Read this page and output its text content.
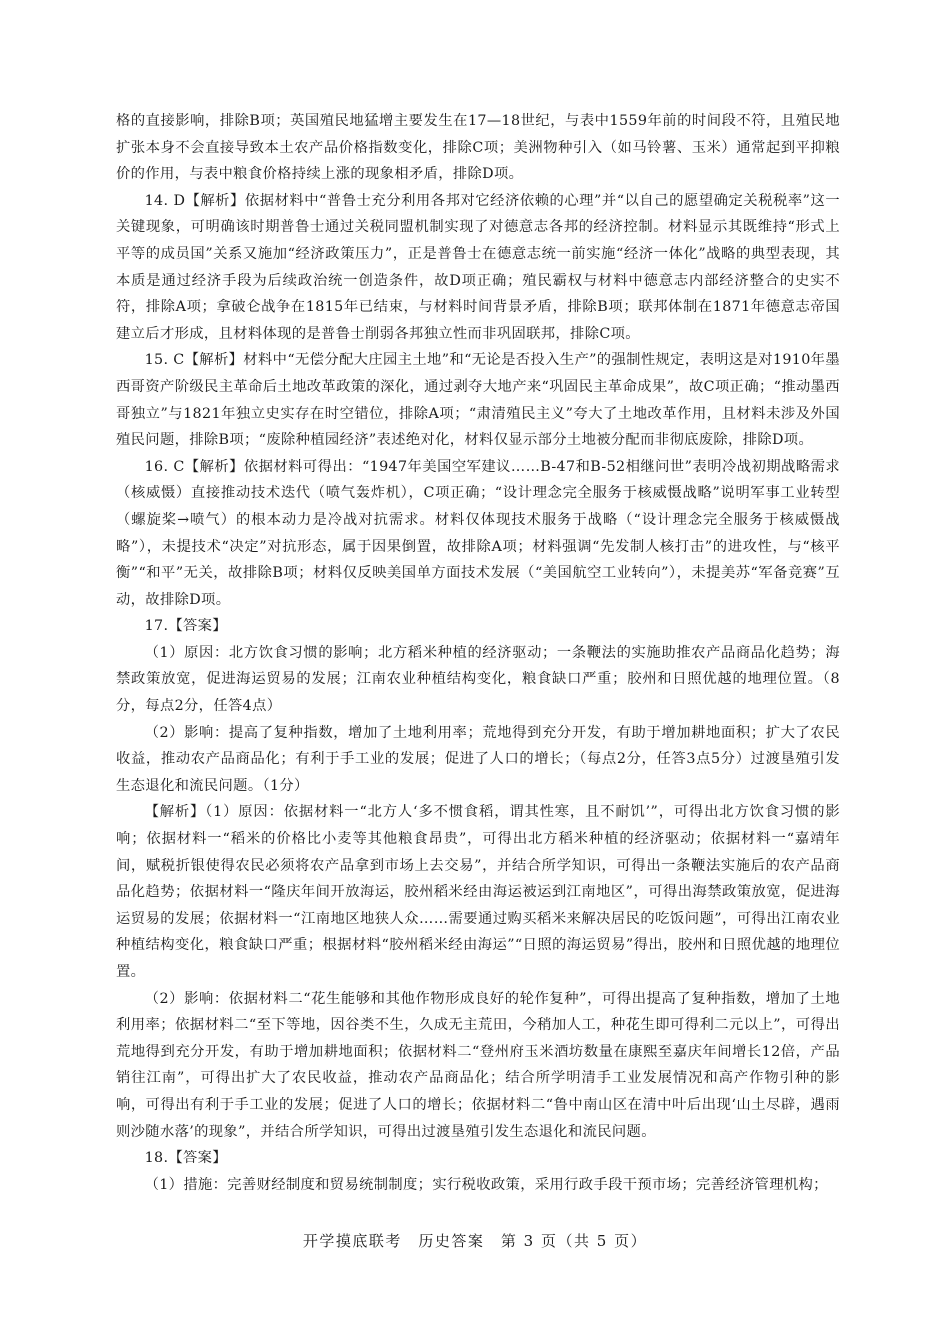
格的直接影响，排除B项；英国殖民地猛增主要发生在17—18世纪，与表中1559年前的时间段不符，且殖民地扩张本身不会直接导致本土农产品价格指数变化，排除C项；美洲物种引入（如马铃薯、玉米）通常起到平抑粮价的作用，与表中粮食价格持续上涨的现象相矛盾，排除D项。

14. D【解析】依据材料中“普鲁士充分利用各邦对它经济依赖的心理”并“以自己的愿望确定关税税率”这一关键现象，可明确该时期普鲁士通过关税同盟机制实现了对德意志各邦的经济控制。材料显示其既维持“形式上平等的成员国”关系又施加“经济政策压力”，正是普鲁士在德意志统一前实施“经济一体化”战略的典型表现，其本质是通过经济手段为后续政治统一创造条件，故D项正确；殖民霸权与材料中德意志内部经济整合的史实不符，排除A项；拿破仑战争在1815年已结束，与材料时间背景矛盾，排除B项；联邦体制在1871年德意志帝国建立后才形成，且材料体现的是普鲁士削弱各邦独立性而非巩固联邦，排除C项。

15. C【解析】材料中“无偿分配大庄园主土地”和“无论是否投入生产”的强制性规定，表明这是对1910年墨西哥资产阶级民主革命后土地改革政策的深化，通过剥夺大地产来“巩固民主革命成果”，故C项正确；“推动墨西哥独立”与1821年独立史实存在时空错位，排除A项；“肃清殖民主义”夸大了土地改革作用，且材料未涉及外国殖民问题，排除B项；“废除种植园经济”表述绝对化，材料仅显示部分土地被分配而非彻底废除，排除D项。

16. C【解析】依据材料可得出：“1947年美国空军建议……B-47和B-52相继问世”表明冷战初期战略需求（核威慑）直接推动技术迭代（喷气轰炸机），C项正确；“设计理念完全服务于核威慑战略”说明军事工业转型（螺旋桨→喷气）的根本动力是冷战对抗需求。材料仅体现技术服务于战略（“设计理念完全服务于核威慑战略”），未提技术“决定”对抗形态，属于因果倒置，故排除A项；材料强调“先发制人核打击”的进攻性，与“核平衡”“和平”无关，故排除B项；材料仅反映美国单方面技术发展（“美国航空工业转向”），未提美苏“军备竞赛”互动，故排除D项。

17.【答案】

（1）原因：北方饮食习惯的影响；北方稻米种植的经济驱动；一条鞭法的实施助推农产品商品化趋势；海禁政策放宽，促进海运贸易的发展；江南农业种植结构变化，粮食缺口严重；胶州和日照优越的地理位置。（8分，每点2分，任答4点）

（2）影响：提高了复种指数，增加了土地利用率；荒地得到充分开发，有助于增加耕地面积；扩大了农民收益，推动农产品商品化；有利于手工业的发展；促进了人口的增长；（每点2分，任答3点5分）过渡垦殖引发生态退化和流民问题。（1分）

【解析】（1）原因：依据材料一“北方人‘多不惯食稻，谓其性寒，且不耐饥’”，可得出北方饮食习惯的影响；依据材料一“稻米的价格比小麦等其他粮食昂贵”，可得出北方稻米种植的经济驱动；依据材料一“嘉靖年间，赋税折银使得农民必须将农产品拿到市场上去交易”，并结合所学知识，可得出一条鞭法实施后的农产品商品化趋势；依据材料一“隆庆年间开放海运，胶州稻米经由海运被运到江南地区”，可得出海禁政策放宽，促进海运贸易的发展；依据材料一“江南地区地狭人众……需要通过购买稻米来解决居民的吃饭问题”，可得出江南农业种植结构变化，粮食缺口严重；根据材料“胶州稻米经由海运”“日照的海运贸易”得出，胶州和日照优越的地理位置。

（2）影响：依据材料二“花生能够和其他作物形成良好的轮作复种”，可得出提高了复种指数，增加了土地利用率；依据材料二“至下等地，因谷类不生，久成无主荒田，今稍加人工，种花生即可得利二元以上”，可得出荒地得到充分开发，有助于增加耕地面积；依据材料二“登州府玉米酒坊数量在康熙至嘉庆年间增长12倍，产品销往江南”，可得出扩大了农民收益，推动农产品商品化；结合所学明清手工业发展情况和高产作物引种的影响，可得出有利于手工业的发展；促进了人口的增长；依据材料二“鲁中南山区在清中叶后出现‘山土尽辟，遇雨则沙随水落’的现象”，并结合所学知识，可得出过渡垦殖引发生态退化和流民问题。

18.【答案】

（1）措施：完善财经制度和贸易统制制度；实行税收政策，采用行政手段干预市场；完善经济管理机构；

开学摸底联考　历史答案　第 3 页（共 5 页）
